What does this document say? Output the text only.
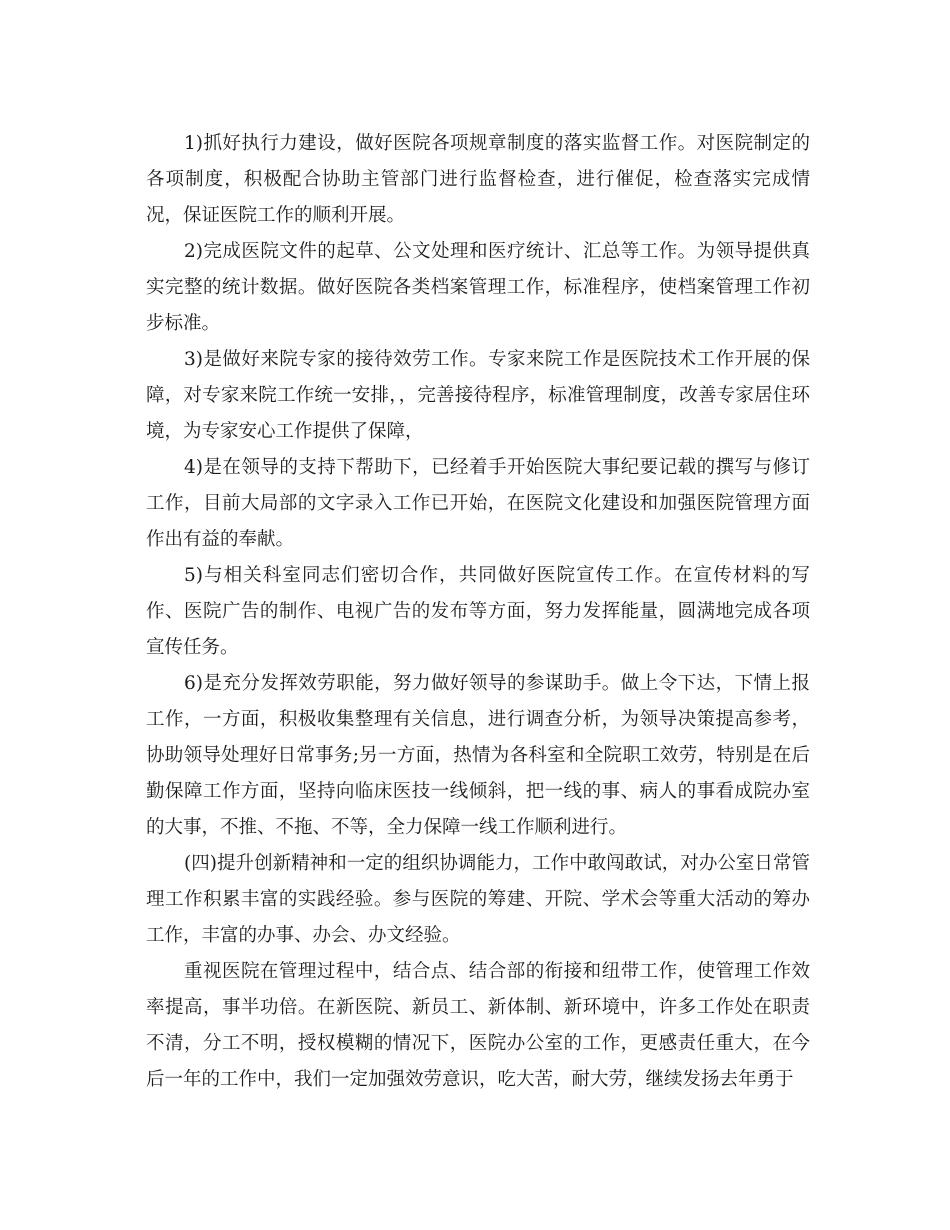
1)抓好执行力建设，做好医院各项规章制度的落实监督工作。对医院制定的各项制度，积极配合协助主管部门进行监督检查，进行催促，检查落实完成情况，保证医院工作的顺利开展。

2)完成医院文件的起草、公文处理和医疗统计、汇总等工作。为领导提供真实完整的统计数据。做好医院各类档案管理工作，标准程序，使档案管理工作初步标准。

3)是做好来院专家的接待效劳工作。专家来院工作是医院技术工作开展的保障，对专家来院工作统一安排，，完善接待程序，标准管理制度，改善专家居住环境，为专家安心工作提供了保障，

4)是在领导的支持下帮助下，已经着手开始医院大事纪要记载的撰写与修订工作，目前大局部的文字录入工作已开始，在医院文化建设和加强医院管理方面作出有益的奉献。

5)与相关科室同志们密切合作，共同做好医院宣传工作。在宣传材料的写作、医院广告的制作、电视广告的发布等方面，努力发挥能量，圆满地完成各项宣传任务。

6)是充分发挥效劳职能，努力做好领导的参谋助手。做上令下达，下情上报工作，一方面，积极收集整理有关信息，进行调查分析，为领导决策提高参考，协助领导处理好日常事务;另一方面，热情为各科室和全院职工效劳，特别是在后勤保障工作方面，坚持向临床医技一线倾斜，把一线的事、病人的事看成院办室的大事，不推、不拖、不等，全力保障一线工作顺利进行。

(四)提升创新精神和一定的组织协调能力，工作中敢闯敢试，对办公室日常管理工作积累丰富的实践经验。参与医院的筹建、开院、学术会等重大活动的筹办工作，丰富的办事、办会、办文经验。

重视医院在管理过程中，结合点、结合部的衔接和纽带工作，使管理工作效率提高，事半功倍。在新医院、新员工、新体制、新环境中，许多工作处在职责不清，分工不明，授权模糊的情况下，医院办公室的工作，更感责任重大，在今后一年的工作中，我们一定加强效劳意识，吃大苦，耐大劳，继续发扬去年勇于
